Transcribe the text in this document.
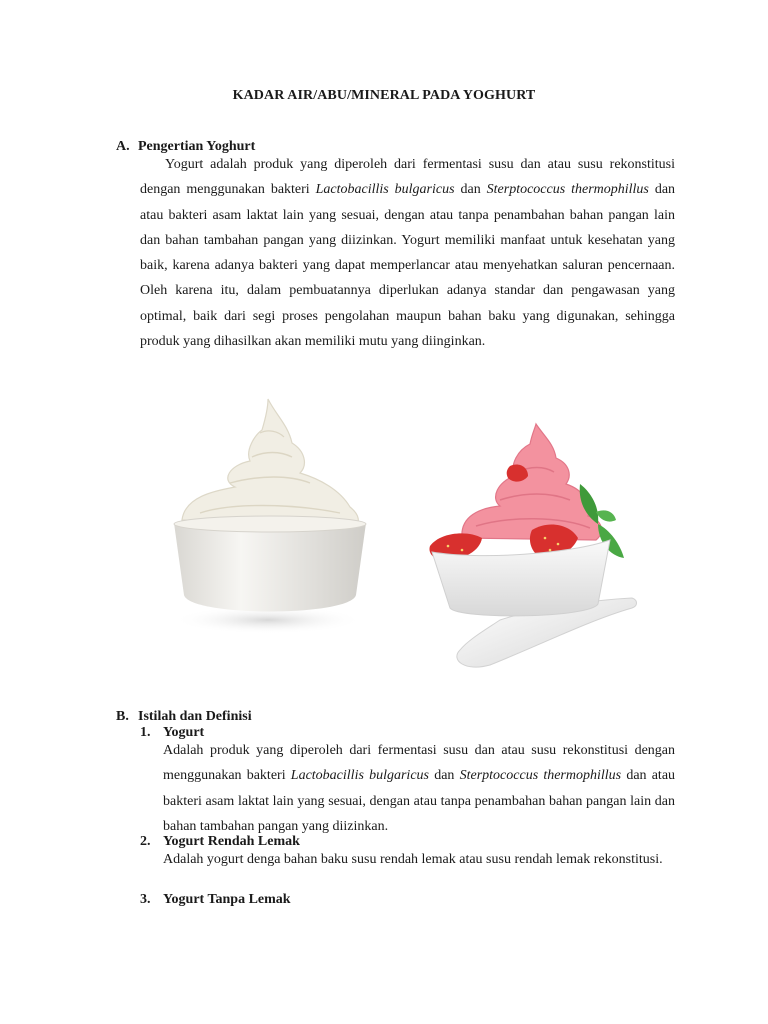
KADAR AIR/ABU/MINERAL PADA YOGHURT
A. Pengertian Yoghurt
Yogurt adalah produk yang diperoleh dari fermentasi susu dan atau susu rekonstitusi dengan menggunakan bakteri Lactobacillis bulgaricus dan Sterptococcus thermophillus dan atau bakteri asam laktat lain yang sesuai, dengan atau tanpa penambahan bahan pangan lain dan bahan tambahan pangan yang diizinkan. Yogurt memiliki manfaat untuk kesehatan yang baik, karena adanya bakteri yang dapat memperlancar atau menyehatkan saluran pencernaan. Oleh karena itu, dalam pembuatannya diperlukan adanya standar dan pengawasan yang optimal, baik dari segi proses pengolahan maupun bahan baku yang digunakan, sehingga produk yang dihasilkan akan memiliki mutu yang diinginkan.
B. Istilah dan Definisi
1. Yogurt
Adalah produk yang diperoleh dari fermentasi susu dan atau susu rekonstitusi dengan menggunakan bakteri Lactobacillis bulgaricus dan Sterptococcus thermophillus dan atau bakteri asam laktat lain yang sesuai, dengan atau tanpa penambahan bahan pangan lain dan bahan tambahan pangan yang diizinkan.
2. Yogurt Rendah Lemak
Adalah yogurt denga bahan baku susu rendah lemak atau susu rendah lemak rekonstitusi.
3. Yogurt Tanpa Lemak
